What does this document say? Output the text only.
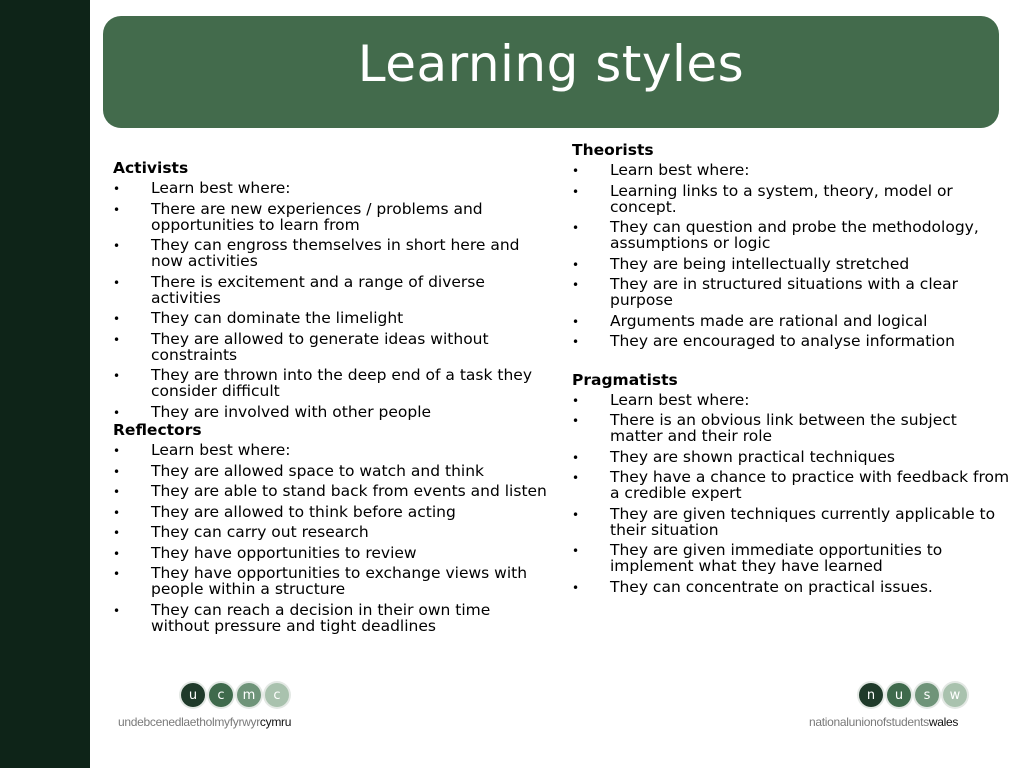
Learning styles
Activists
• Learn best where:
• There are new experiences / problems and opportunities to learn from
• They can engross themselves in short here and now activities
• There is excitement and a range of diverse activities
• They can dominate the limelight
• They are allowed to generate ideas without constraints
• They are thrown into the deep end of a task they consider difficult
• They are involved with other people
Reflectors
• Learn best where:
• They are allowed space to watch and think
• They are able to stand back from events and listen
• They are allowed to think before acting
• They can carry out research
• They have opportunities to review
• They have opportunities to exchange views with people within a structure
• They can reach a decision in their own time without pressure and tight deadlines
Theorists
• Learn best where:
• Learning links to a system, theory, model or concept.
• They can question and probe the methodology, assumptions or logic
• They are being intellectually stretched
• They are in structured situations with a clear purpose
• Arguments made are rational and logical
• They are encouraged to analyse information
Pragmatists
• Learn best where:
• There is an obvious link between the subject matter and their role
• They are shown practical techniques
• They have a chance to practice with feedback from a credible expert
• They are given techniques currently applicable to their situation
• They are given immediate opportunities to implement what they have learned
• They can concentrate on practical issues.
u	c	m	c
undebcenedlaetholmyfyrwyrcymru
n	u	s	w
nationalunionofstudentswales
